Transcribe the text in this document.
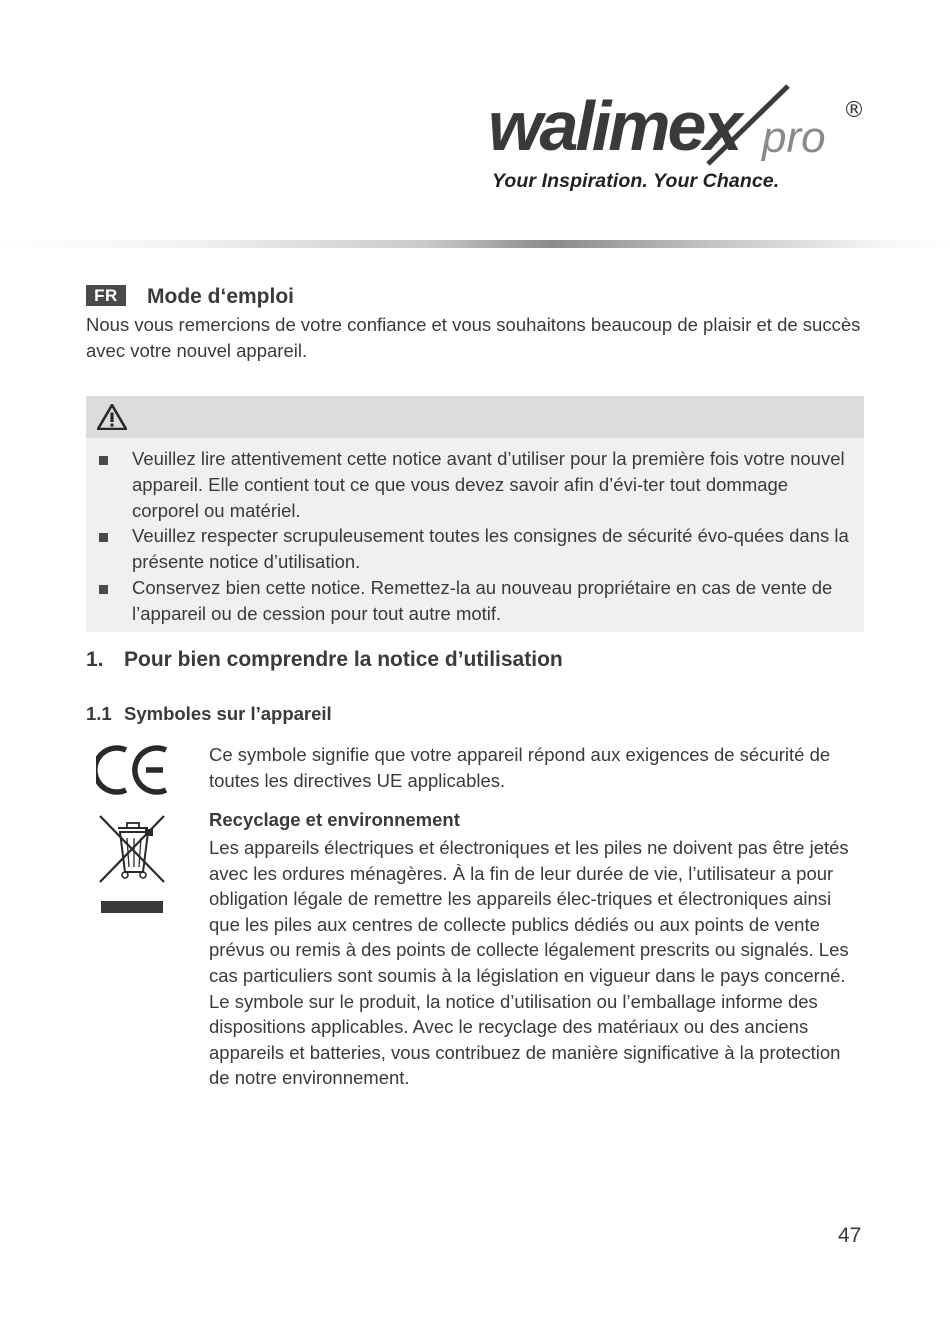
walimex pro
®
Your Inspiration. Your Chance.
FR	Mode d‘emploi
Nous vous remercions de votre confiance et vous souhaitons beaucoup de plaisir et de succès avec votre nouvel appareil.
Veuillez lire attentivement cette notice avant d’utiliser pour la première fois votre nouvel appareil. Elle contient tout ce que vous devez savoir afin d’évi-ter tout dommage corporel ou matériel.
Veuillez respecter scrupuleusement toutes les consignes de sécurité évo-quées dans la présente notice d’utilisation.
Conservez bien cette notice. Remettez-la au nouveau propriétaire en cas de vente de l’appareil ou de cession pour tout autre motif.
1. Pour bien comprendre la notice d’utilisation
1.1 Symboles sur l’appareil
Ce symbole signifie que votre appareil répond aux exigences de sécurité de toutes les directives UE applicables.
Recyclage et environnement
Les appareils électriques et électroniques et les piles ne doivent pas être jetés avec les ordures ménagères. À la fin de leur durée de vie, l’utilisateur a pour obligation légale de remettre les appareils élec-triques et électroniques ainsi que les piles aux centres de collecte publics dédiés ou aux points de vente prévus ou remis à des points de collecte légalement prescrits ou signalés. Les cas particuliers sont soumis à la législation en vigueur dans le pays concerné. Le symbole sur le produit, la notice d’utilisation ou l’emballage informe des dispositions applicables. Avec le recyclage des matériaux ou des anciens appareils et batteries, vous contribuez de manière significative à la protection de notre environnement.
47
